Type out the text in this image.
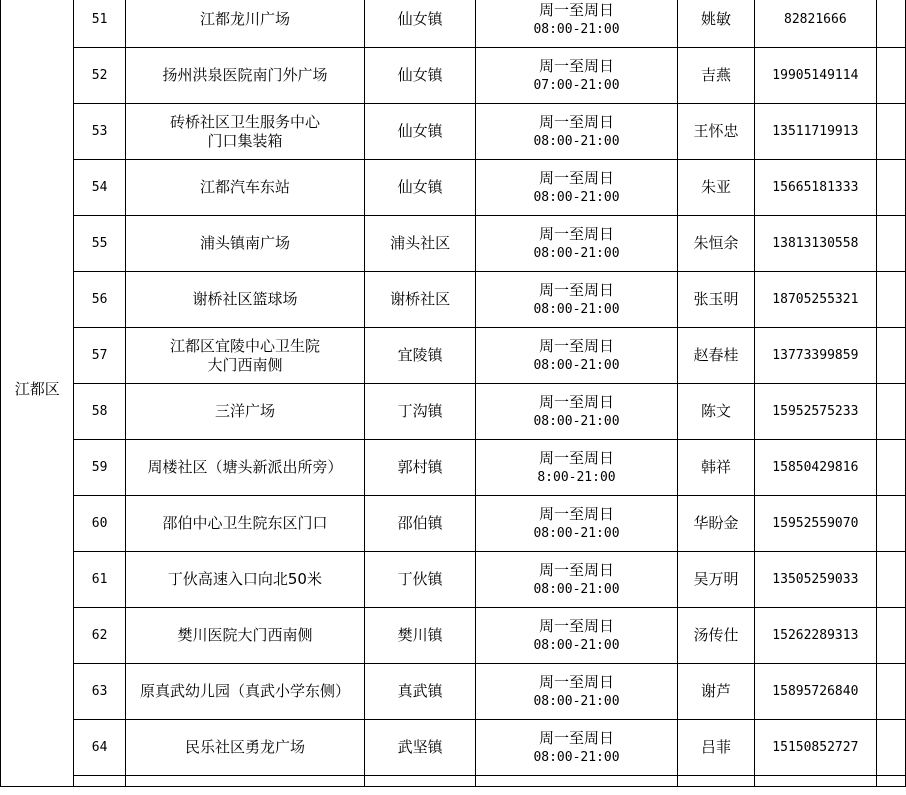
江都区	51	江都龙川广场	仙女镇	周一至周日
08:00-21:00	姚敏	82821666	
	52	扬州洪泉医院南门外广场	仙女镇	周一至周日
07:00-21:00	吉燕	19905149114	
	53	砖桥社区卫生服务中心
门口集装箱	仙女镇	周一至周日
08:00-21:00	王怀忠	13511719913	
	54	江都汽车东站	仙女镇	周一至周日
08:00-21:00	朱亚	15665181333	
	55	浦头镇南广场	浦头社区	周一至周日
08:00-21:00	朱恒余	13813130558	
	56	谢桥社区篮球场	谢桥社区	周一至周日
08:00-21:00	张玉明	18705255321	
	57	江都区宜陵中心卫生院
大门西南侧	宜陵镇	周一至周日
08:00-21:00	赵春桂	13773399859	
	58	三洋广场	丁沟镇	周一至周日
08:00-21:00	陈文	15952575233	
	59	周楼社区（塘头新派出所旁）	郭村镇	周一至周日
8:00-21:00	韩祥	15850429816	
	60	邵伯中心卫生院东区门口	邵伯镇	周一至周日
08:00-21:00	华盼金	15952559070	
	61	丁伙高速入口向北50米	丁伙镇	周一至周日
08:00-21:00	吴万明	13505259033	
	62	樊川医院大门西南侧	樊川镇	周一至周日
08:00-21:00	汤传仕	15262289313	
	63	原真武幼儿园（真武小学东侧）	真武镇	周一至周日
08:00-21:00	谢芦	15895726840	
	64	民乐社区勇龙广场	武坚镇	周一至周日
08:00-21:00	吕菲	15150852727	
